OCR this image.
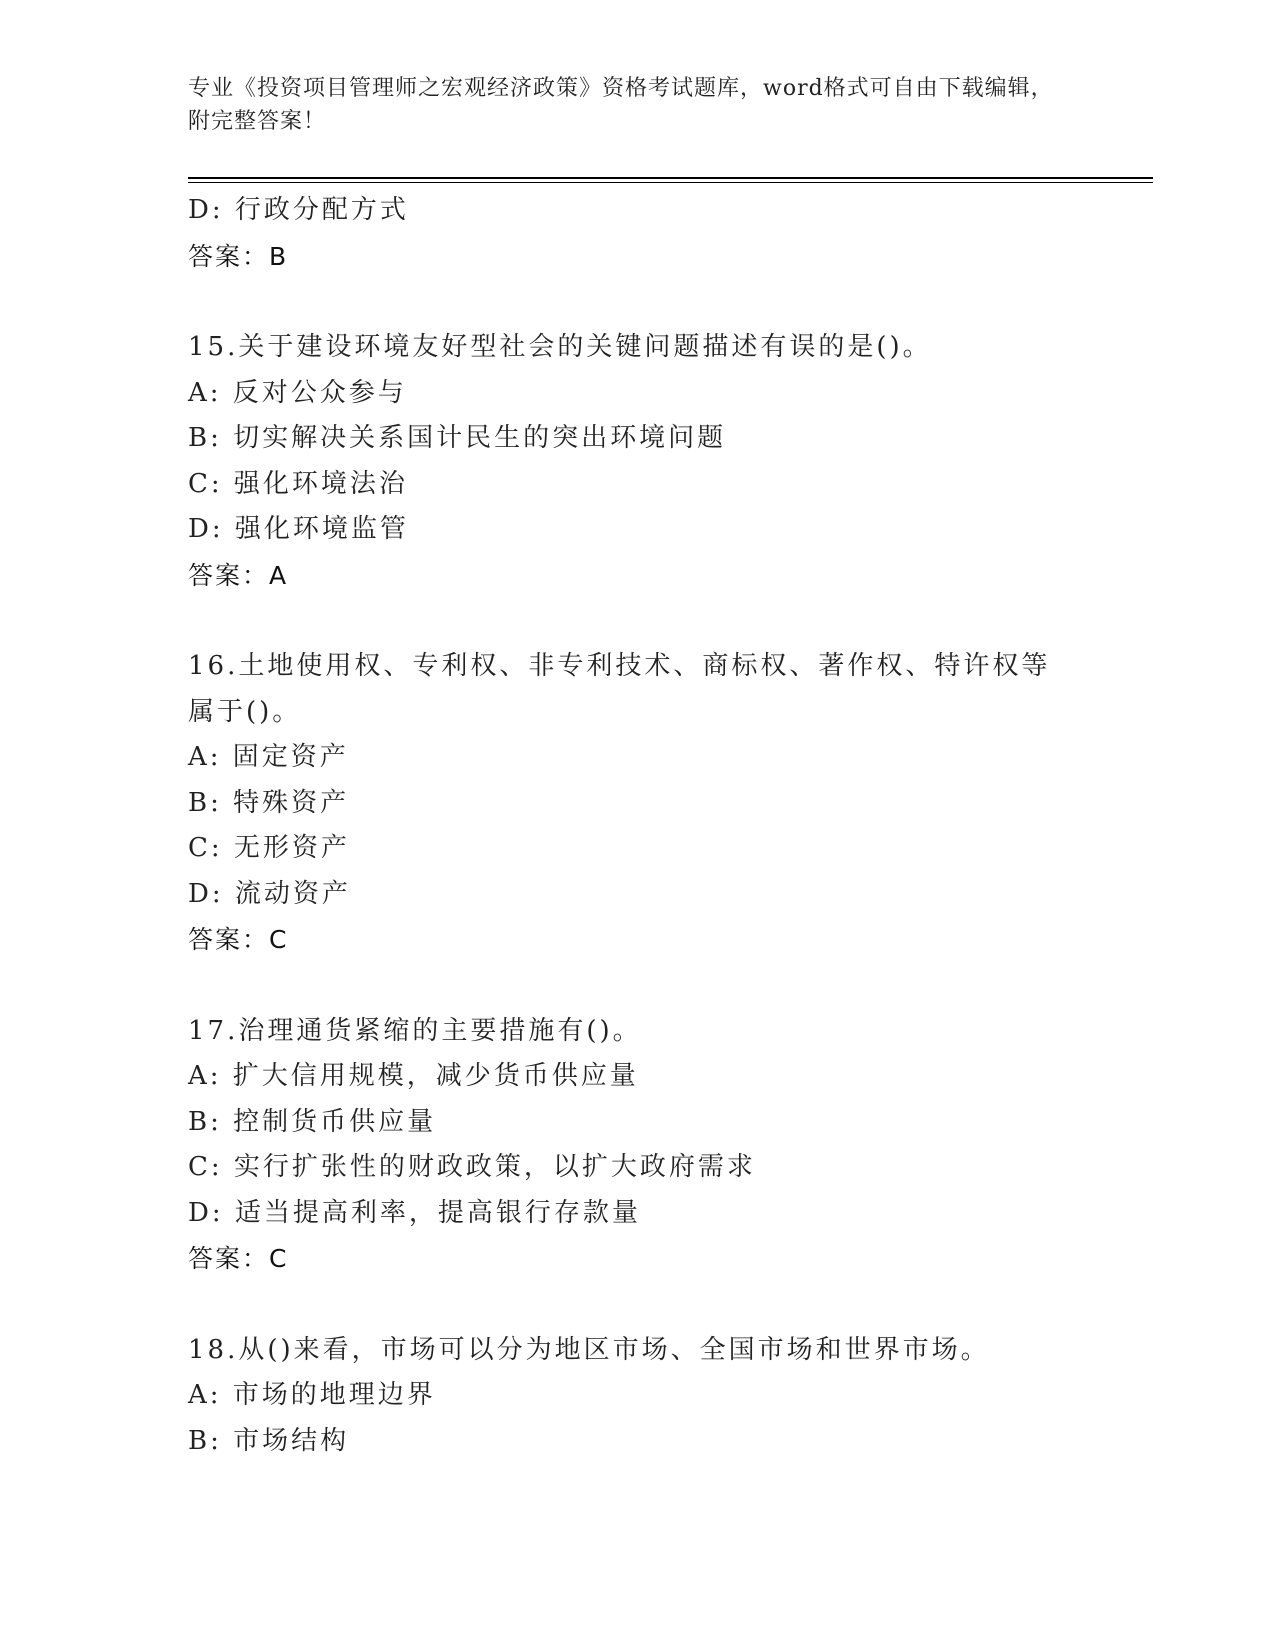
专业《投资项目管理师之宏观经济政策》资格考试题库，word格式可自由下载编辑，附完整答案！
D: 行政分配方式
答案：B
15.关于建设环境友好型社会的关键问题描述有误的是()。
A: 反对公众参与
B: 切实解决关系国计民生的突出环境问题
C: 强化环境法治
D: 强化环境监管
答案：A
16.土地使用权、专利权、非专利技术、商标权、著作权、特许权等属于()。
A: 固定资产
B: 特殊资产
C: 无形资产
D: 流动资产
答案：C
17.治理通货紧缩的主要措施有()。
A: 扩大信用规模，减少货币供应量
B: 控制货币供应量
C: 实行扩张性的财政政策，以扩大政府需求
D: 适当提高利率，提高银行存款量
答案：C
18.从()来看，市场可以分为地区市场、全国市场和世界市场。
A: 市场的地理边界
B: 市场结构
